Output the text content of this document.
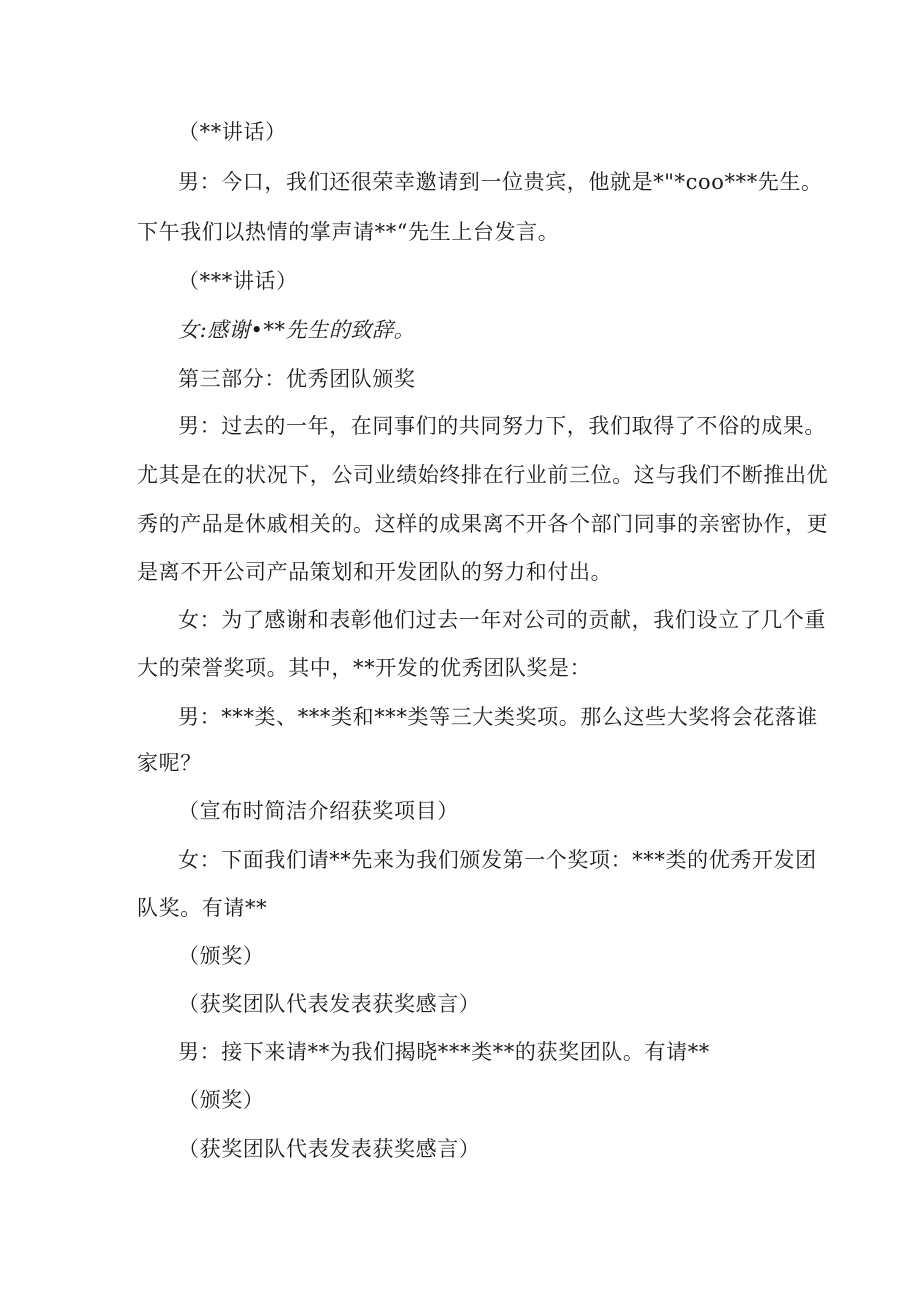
（**讲话）
男：今口，我们还很荣幸邀请到一位贵宾，他就是*"*coo***先生。
下午我们以热情的掌声请**“先生上台发言。
（***讲话）
女:感谢•**先生的致辞。
第三部分：优秀团队颁奖
男：过去的一年，在同事们的共同努力下，我们取得了不俗的成果。
尤其是在的状况下，公司业绩始终排在行业前三位。这与我们不断推出优
秀的产品是休戚相关的。这样的成果离不开各个部门同事的亲密协作，更
是离不开公司产品策划和开发团队的努力和付出。
女：为了感谢和表彰他们过去一年对公司的贡献，我们设立了几个重
大的荣誉奖项。其中，**开发的优秀团队奖是：
男：***类、***类和***类等三大类奖项。那么这些大奖将会花落谁
家呢？
（宣布时简洁介绍获奖项目）
女：下面我们请**先来为我们颁发第一个奖项：***类的优秀开发团
队奖。有请**
（颁奖）
（获奖团队代表发表获奖感言）
男：接下来请**为我们揭晓***类**的获奖团队。有请**
（颁奖）
（获奖团队代表发表获奖感言）
